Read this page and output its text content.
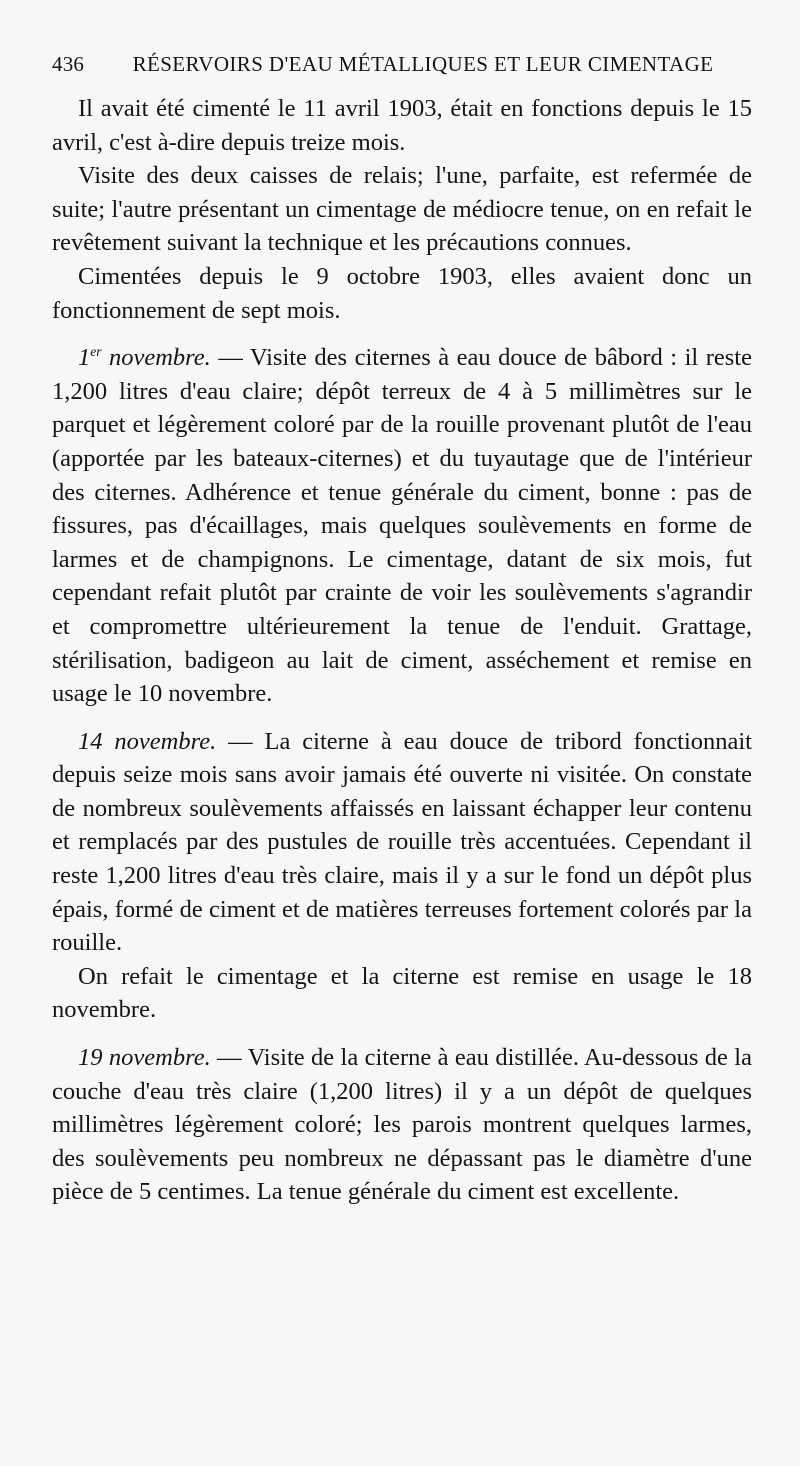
436	RÉSERVOIRS D'EAU MÉTALLIQUES ET LEUR CIMENTAGE

Il avait été cimenté le 11 avril 1903, était en fonctions depuis le 15 avril, c'est à-dire depuis treize mois.

Visite des deux caisses de relais; l'une, parfaite, est refermée de suite; l'autre présentant un cimentage de médiocre tenue, on en refait le revêtement suivant la technique et les précautions connues.

Cimentées depuis le 9 octobre 1903, elles avaient donc un fonctionnement de sept mois.

1er novembre. — Visite des citernes à eau douce de bâbord : il reste 1,200 litres d'eau claire; dépôt terreux de 4 à 5 millimètres sur le parquet et légèrement coloré par de la rouille provenant plutôt de l'eau (apportée par les bateaux-citernes) et du tuyautage que de l'intérieur des citernes. Adhérence et tenue générale du ciment, bonne : pas de fissures, pas d'écaillages, mais quelques soulèvements en forme de larmes et de champignons. Le cimentage, datant de six mois, fut cependant refait plutôt par crainte de voir les soulèvements s'agrandir et compromettre ultérieurement la tenue de l'enduit. Grattage, stérilisation, badigeon au lait de ciment, asséchement et remise en usage le 10 novembre.

14 novembre. — La citerne à eau douce de tribord fonctionnait depuis seize mois sans avoir jamais été ouverte ni visitée. On constate de nombreux soulèvements affaissés en laissant échapper leur contenu et remplacés par des pustules de rouille très accentuées. Cependant il reste 1,200 litres d'eau très claire, mais il y a sur le fond un dépôt plus épais, formé de ciment et de matières terreuses fortement colorés par la rouille.

On refait le cimentage et la citerne est remise en usage le 18 novembre.

19 novembre. — Visite de la citerne à eau distillée. Au-dessous de la couche d'eau très claire (1,200 litres) il y a un dépôt de quelques millimètres légèrement coloré; les parois montrent quelques larmes, des soulèvements peu nombreux ne dépassant pas le diamètre d'une pièce de 5 centimes. La tenue générale du ciment est excellente.
